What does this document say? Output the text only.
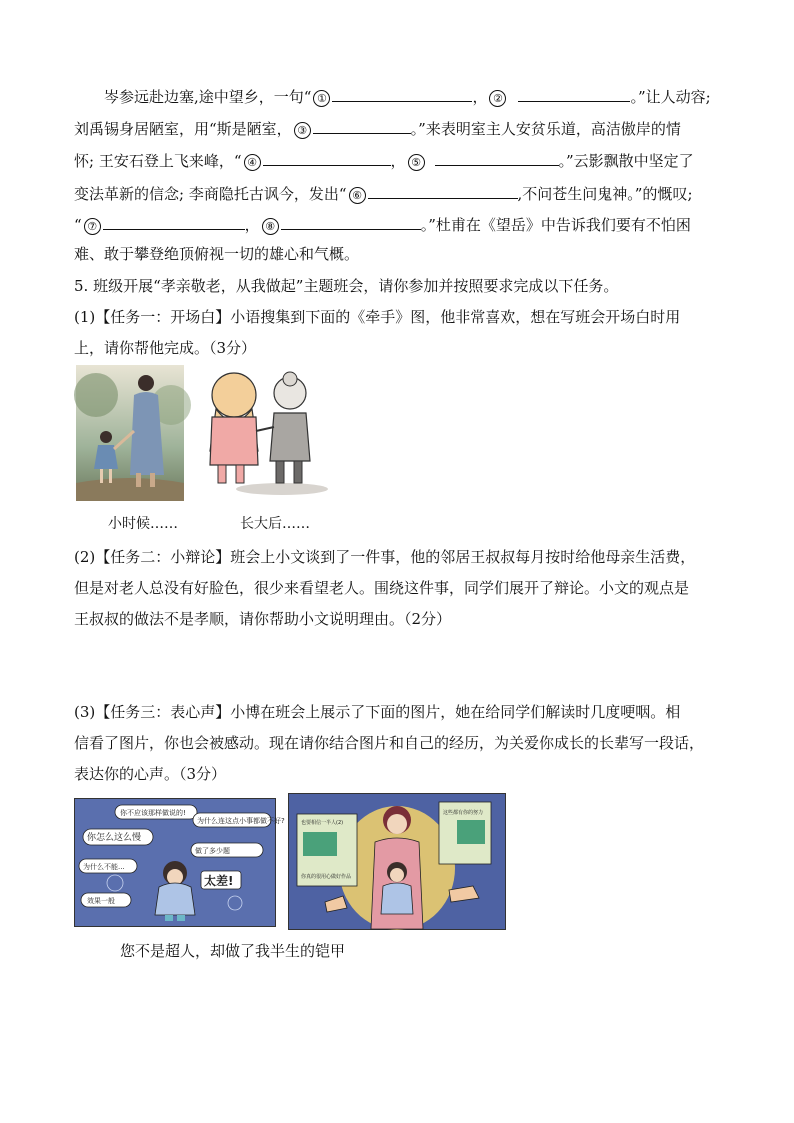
岑参远赴边塞,途中望乡，一句“ ①	， ②	。”让人动容;
刘禹锡身居陋室，用“斯是陋室， ③	。”来表明室主人安贫乐道，高洁傲岸的情
怀; 王安石登上飞来峰，“ ④	， ⑤	。”云影飘散中坚定了
变法革新的信念; 李商隐托古讽今，发出“ ⑥	,不问苍生问鬼神。”的慨叹;
“ ⑦	， ⑧	。”杜甫在《望岳》中告诉我们要有不怕困
难、敢于攀登绝顶俯视一切的雄心和气概。
5. 班级开展“孝亲敬老，从我做起”主题班会，请你参加并按照要求完成以下任务。
(1)【任务一：开场白】小语搜集到下面的《牵手》图，他非常喜欢，想在写班会开场白时用
上，请你帮他完成。（3分）
小时候……	长大后……
(2)【任务二：小辩论】班会上小文谈到了一件事，他的邻居王叔叔每月按时给他母亲生活费，
但是对老人总没有好脸色，很少来看望老人。围绕这件事，同学们展开了辩论。小文的观点是
王叔叔的做法不是孝顺，请你帮助小文说明理由。（2分）
(3)【任务三：表心声】小博在班会上展示了下面的图片，她在给同学们解读时几度哽咽。相
信看了图片，你也会被感动。现在请你结合图片和自己的经历，为关爱你成长的长辈写一段话，
表达你的心声。（3分）
你不应该那样做说的!
为什么连这点小事都做不好?
你怎么这么慢
为什么不能...
做了多少题
效果一般
太差!
也要相信一半人(2)
你真的很用心做好作品
这些都有你的努力
您不是超人，却做了我半生的铠甲
